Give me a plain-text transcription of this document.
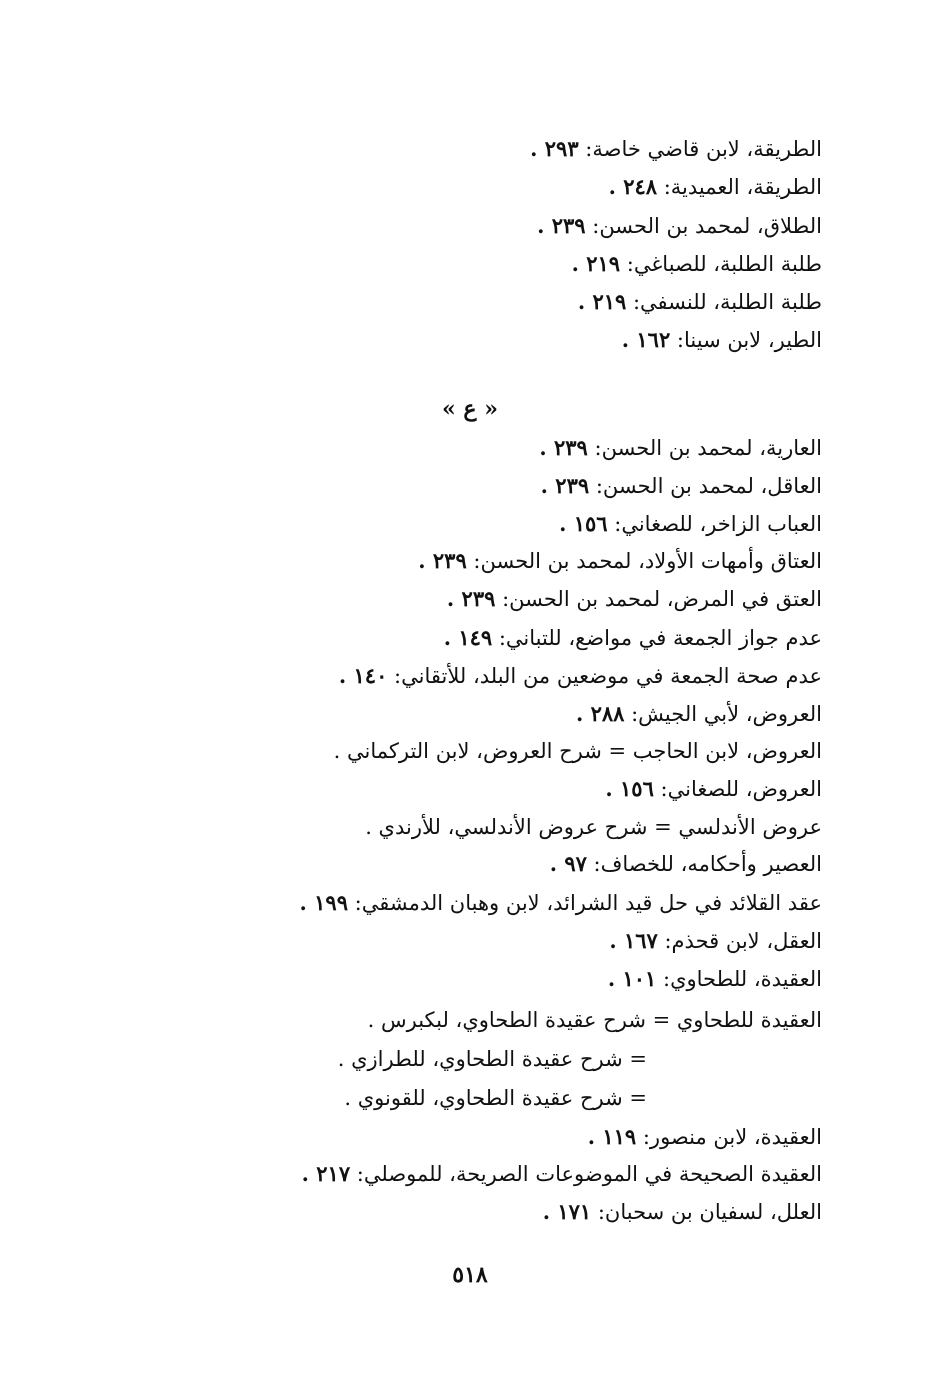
الطريقة، لابن قاضي خاصة: ٢٩٣ .
الطريقة، العميدية: ٢٤٨ .
الطلاق، لمحمد بن الحسن: ٢٣٩ .
طلبة الطلبة، للصباغي: ٢١٩ .
طلبة الطلبة، للنسفي: ٢١٩ .
الطير، لابن سينا: ١٦٢ .
العارية، لمحمد بن الحسن: ٢٣٩ .
العاقل، لمحمد بن الحسن: ٢٣٩ .
العباب الزاخر، للصغاني: ١٥٦ .
العتاق وأمهات الأولاد، لمحمد بن الحسن: ٢٣٩ .
العتق في المرض، لمحمد بن الحسن: ٢٣٩ .
عدم جواز الجمعة في مواضع، للتباني: ١٤٩ .
عدم صحة الجمعة في موضعين من البلد، للأتقاني: ١٤٠ .
العروض، لأبي الجيش: ٢٨٨ .
العروض، لابن الحاجب = شرح العروض، لابن التركماني .
العروض، للصغاني: ١٥٦ .
عروض الأندلسي = شرح عروض الأندلسي، للأرندي .
العصير وأحكامه، للخصاف: ٩٧ .
عقد القلائد في حل قيد الشرائد، لابن وهبان الدمشقي: ١٩٩ .
العقل، لابن قحذم: ١٦٧ .
العقيدة، للطحاوي: ١٠١ .
العقيدة للطحاوي = شرح عقيدة الطحاوي، لبكبرس .
= شرح عقيدة الطحاوي، للطرازي .
= شرح عقيدة الطحاوي، للقونوي .
العقيدة، لابن منصور: ١١٩ .
العقيدة الصحيحة في الموضوعات الصريحة، للموصلي: ٢١٧ .
العلل، لسفيان بن سحبان: ١٧١ .
« ع »
٥١٨
